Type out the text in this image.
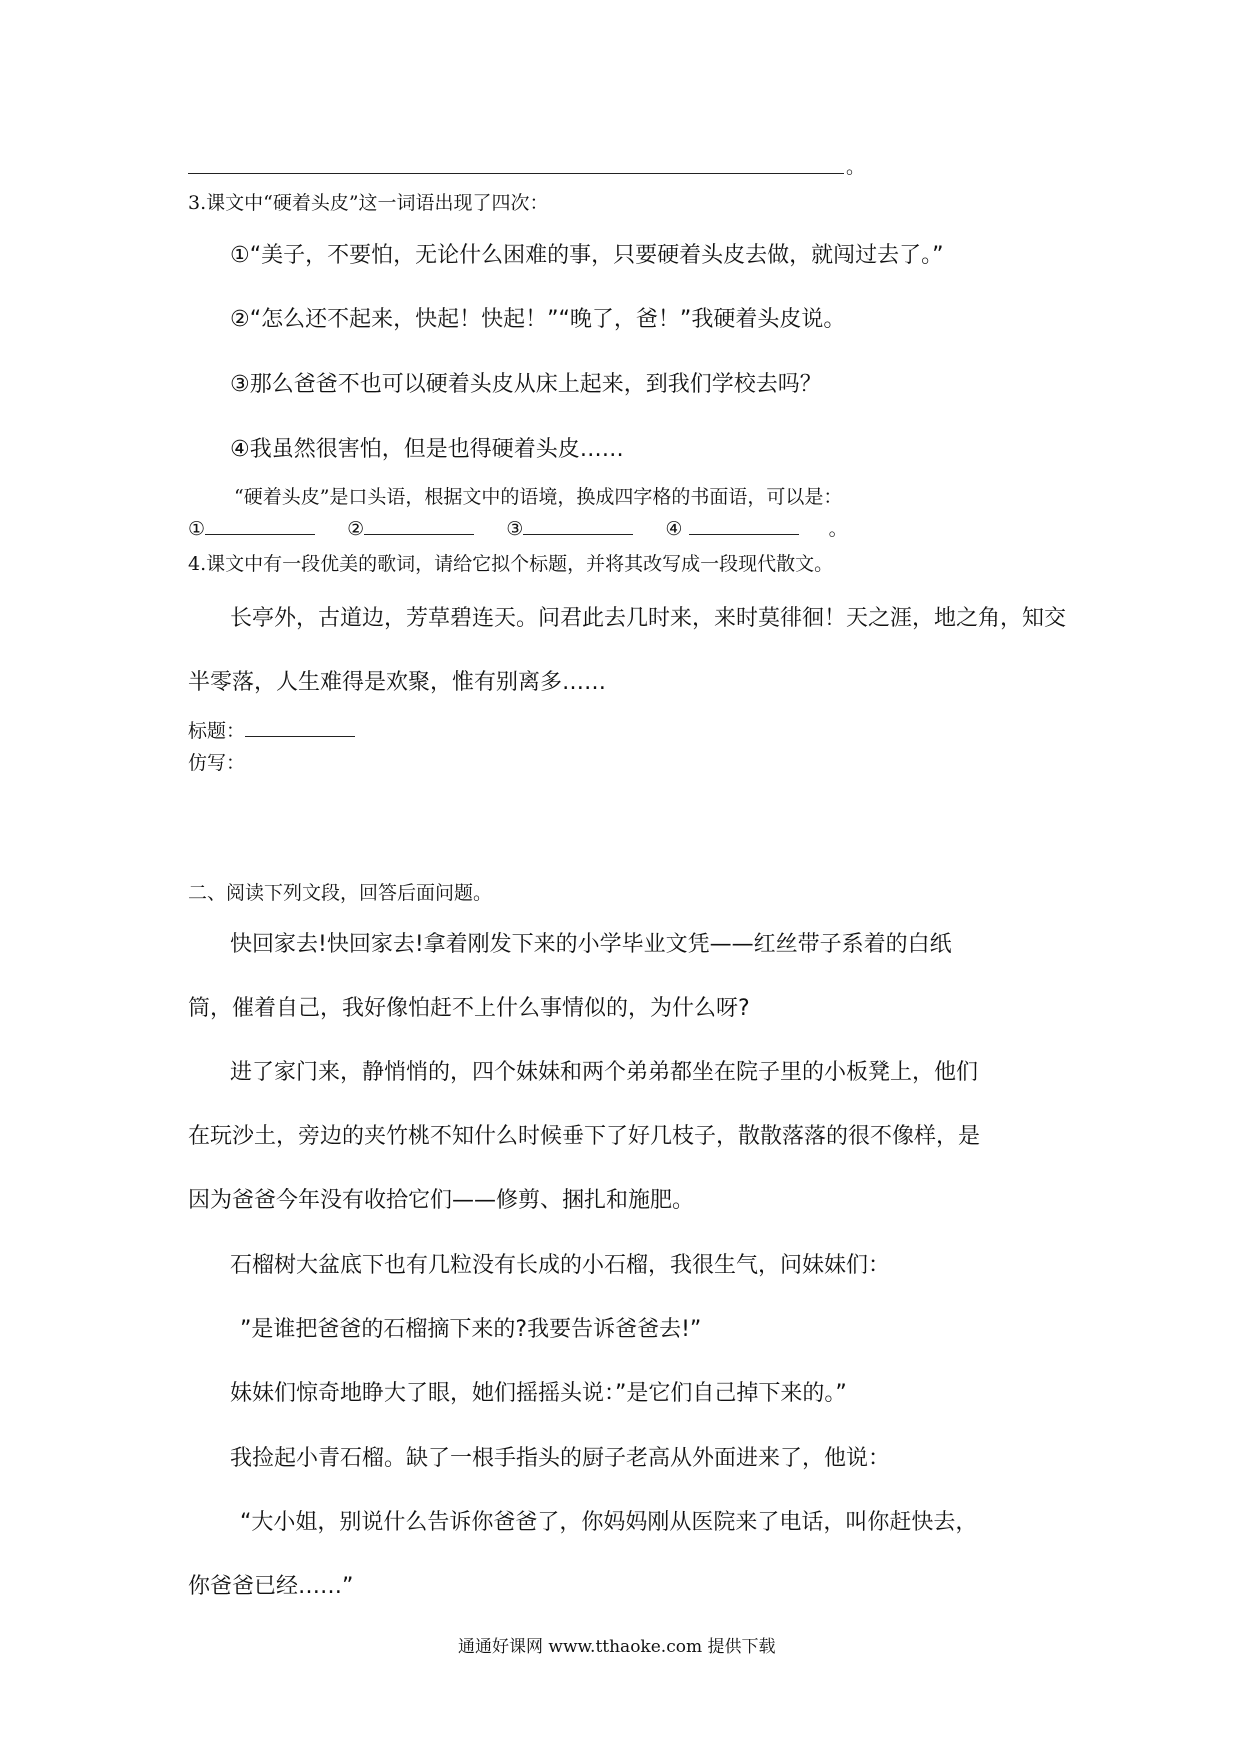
。
3.课文中“硬着头皮”这一词语出现了四次：
①“美子，不要怕，无论什么困难的事，只要硬着头皮去做，就闯过去了。”
②“怎么还不起来，快起！快起！”“晚了，爸！”我硬着头皮说。
③那么爸爸不也可以硬着头皮从床上起来，到我们学校去吗？
④我虽然很害怕，但是也得硬着头皮……
“硬着头皮”是口头语，根据文中的语境，换成四字格的书面语，可以是：
①	②	③	④	。
4.课文中有一段优美的歌词，请给它拟个标题，并将其改写成一段现代散文。
长亭外，古道边，芳草碧连天。问君此去几时来，来时莫徘徊！天之涯，地之角，知交
半零落，人生难得是欢聚，惟有别离多……
标题：
仿写：
二、阅读下列文段，回答后面问题。
快回家去!快回家去!拿着刚发下来的小学毕业文凭——红丝带子系着的白纸
筒，催着自己，我好像怕赶不上什么事情似的，为什么呀?
进了家门来，静悄悄的，四个妹妹和两个弟弟都坐在院子里的小板凳上，他们
在玩沙土，旁边的夹竹桃不知什么时候垂下了好几枝子，散散落落的很不像样，是
因为爸爸今年没有收拾它们——修剪、捆扎和施肥。
石榴树大盆底下也有几粒没有长成的小石榴，我很生气，问妹妹们：
”是谁把爸爸的石榴摘下来的?我要告诉爸爸去!”
妹妹们惊奇地睁大了眼，她们摇摇头说：”是它们自己掉下来的。”
我捡起小青石榴。缺了一根手指头的厨子老高从外面进来了，他说：
“大小姐，别说什么告诉你爸爸了，你妈妈刚从医院来了电话，叫你赶快去，
你爸爸已经……”
通通好课网 www.tthaoke.com 提供下载
